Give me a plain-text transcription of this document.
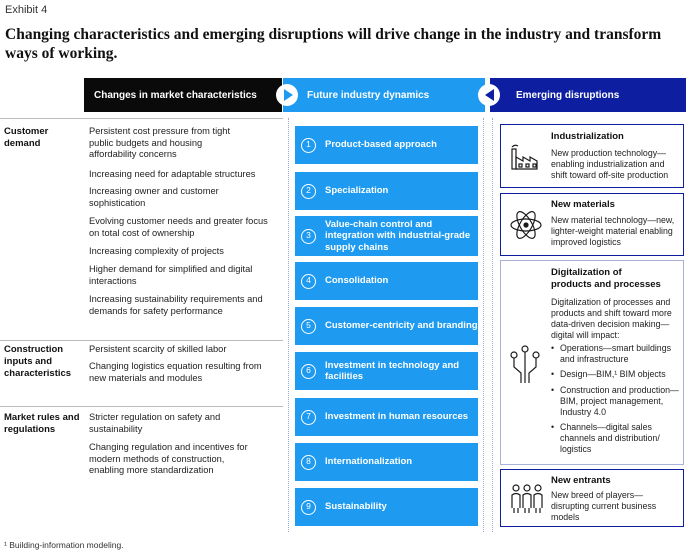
Exhibit 4
Changing characteristics and emerging disruptions will drive change in the industry and transform ways of working.
Changes in market characteristics	Future industry dynamics	Emerging disruptions
Customer demand
Persistent cost pressure from tight public budgets and housing affordability concerns
Increasing need for adaptable structures
Increasing owner and customer sophistication
Evolving customer needs and greater focus on total cost of ownership
Increasing complexity of projects
Higher demand for simplified and digital interactions
Increasing sustainability requirements and demands for safety performance
Construction inputs and characteristics
Persistent scarcity of skilled labor
Changing logistics equation resulting from new materials and modules
Market rules and regulations
Stricter regulation on safety and sustainability
Changing regulation and incentives for modern methods of construction, enabling more standardization
1	Product-based approach
2	Specialization
3
Value-chain control and integration with industrial-grade supply chains
4	Consolidation
5	Customer-centricity and branding
6	Investment in technology and facilities
7	Investment in human resources
8	Internationalization
9	Sustainability
Industrialization
New production technology—enabling industrialization and shift toward off-site production
New materials
New material technology—new, lighter-weight material enabling improved logistics
Digitalization of products and processes
Digitalization of processes and products and shift toward more data-driven decision making—digital will impact:
• Operations—smart buildings and infrastructure
• Design—BIM,¹ BIM objects
• Construction and production—BIM, project management, Industry 4.0
• Channels—digital sales channels and distribution/ logistics
New entrants
New breed of players—disrupting current business models
¹ Building-information modeling.
